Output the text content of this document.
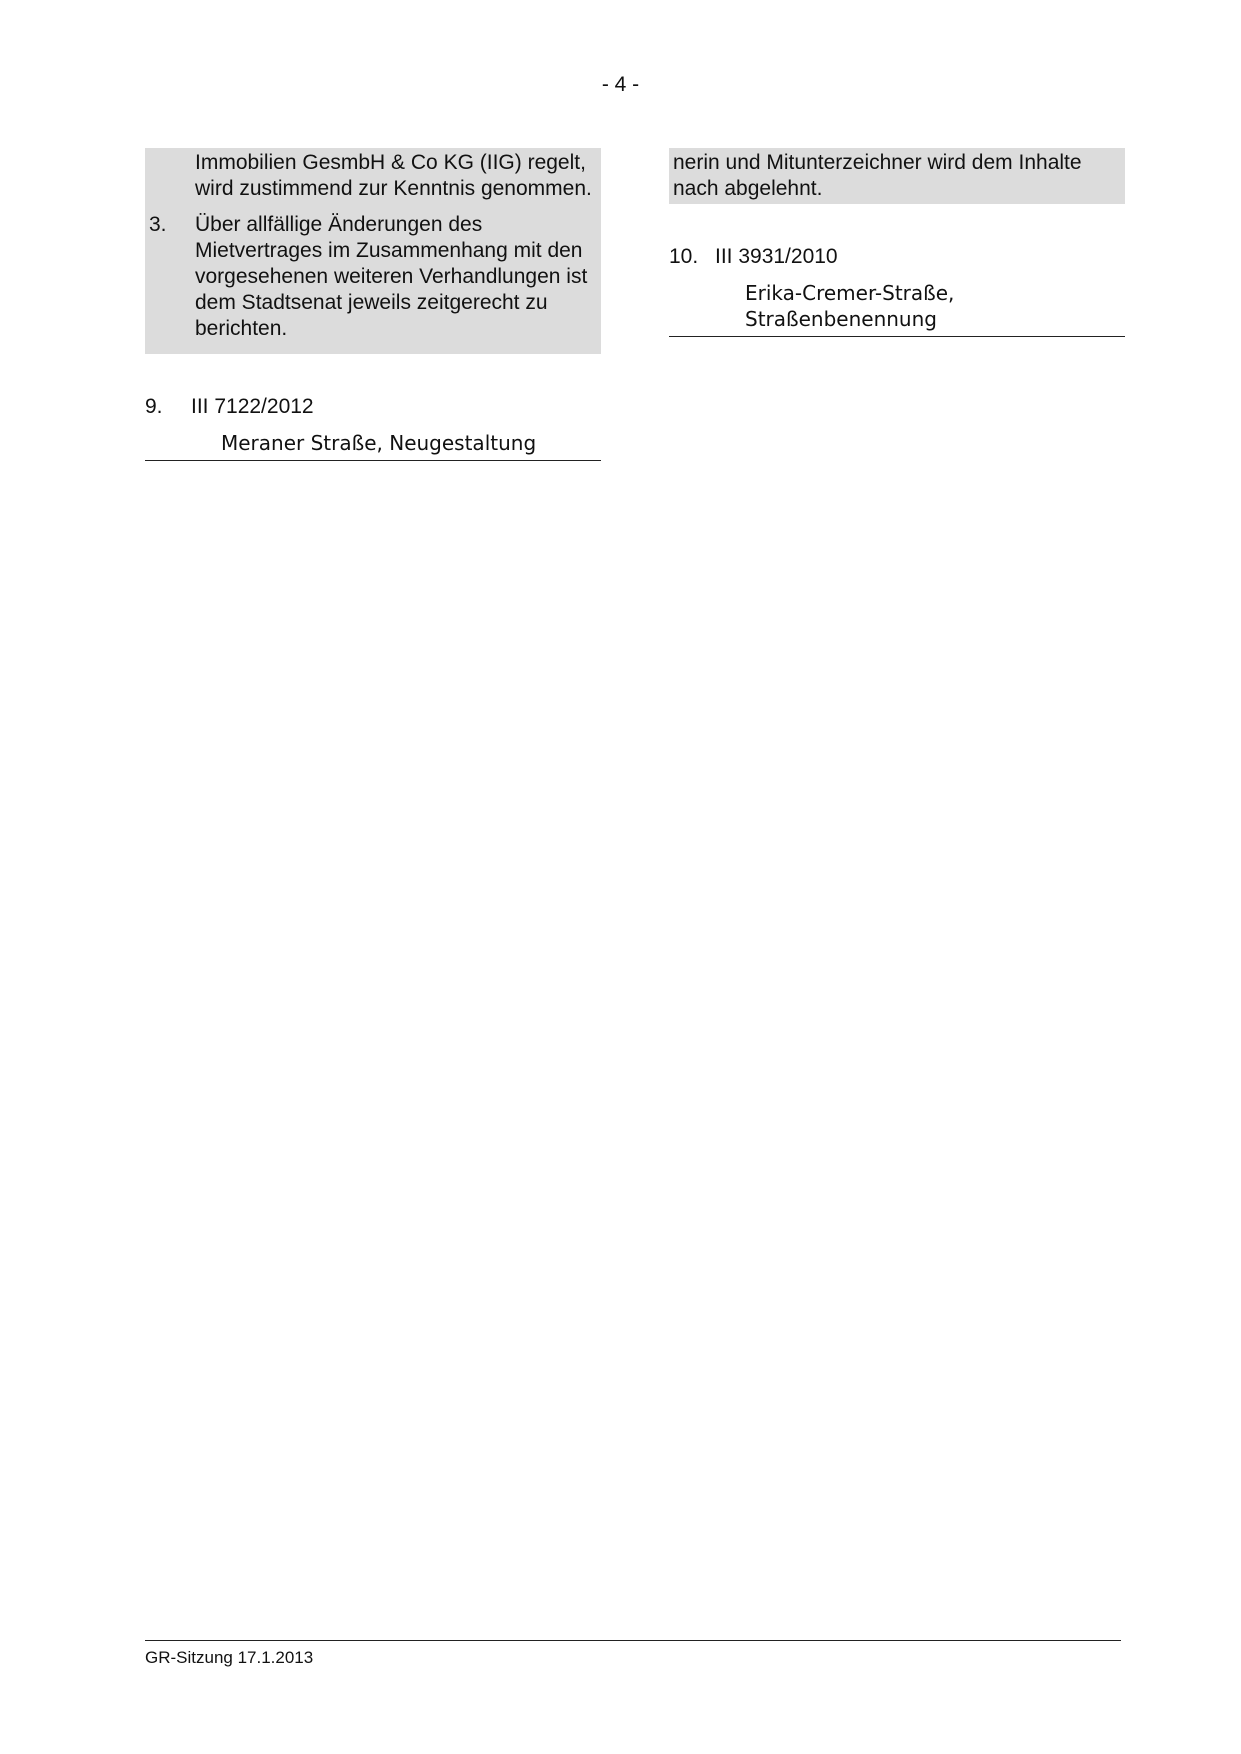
- 4 -
Immobilien GesmbH & Co KG (IIG) regelt, wird zustimmend zur Kenntnis genommen.
3.	Über allfällige Änderungen des Mietvertrages im Zusammenhang mit den vorgesehenen weiteren Verhandlungen ist dem Stadtsenat jeweils zeitgerecht zu berichten.
9.	III 7122/2012
Meraner Straße, Neugestaltung
nerin und Mitunterzeichner wird dem Inhalte nach abgelehnt.
10. III 3931/2010
Erika-Cremer-Straße, Straßenbenennung
GR-Sitzung 17.1.2013
